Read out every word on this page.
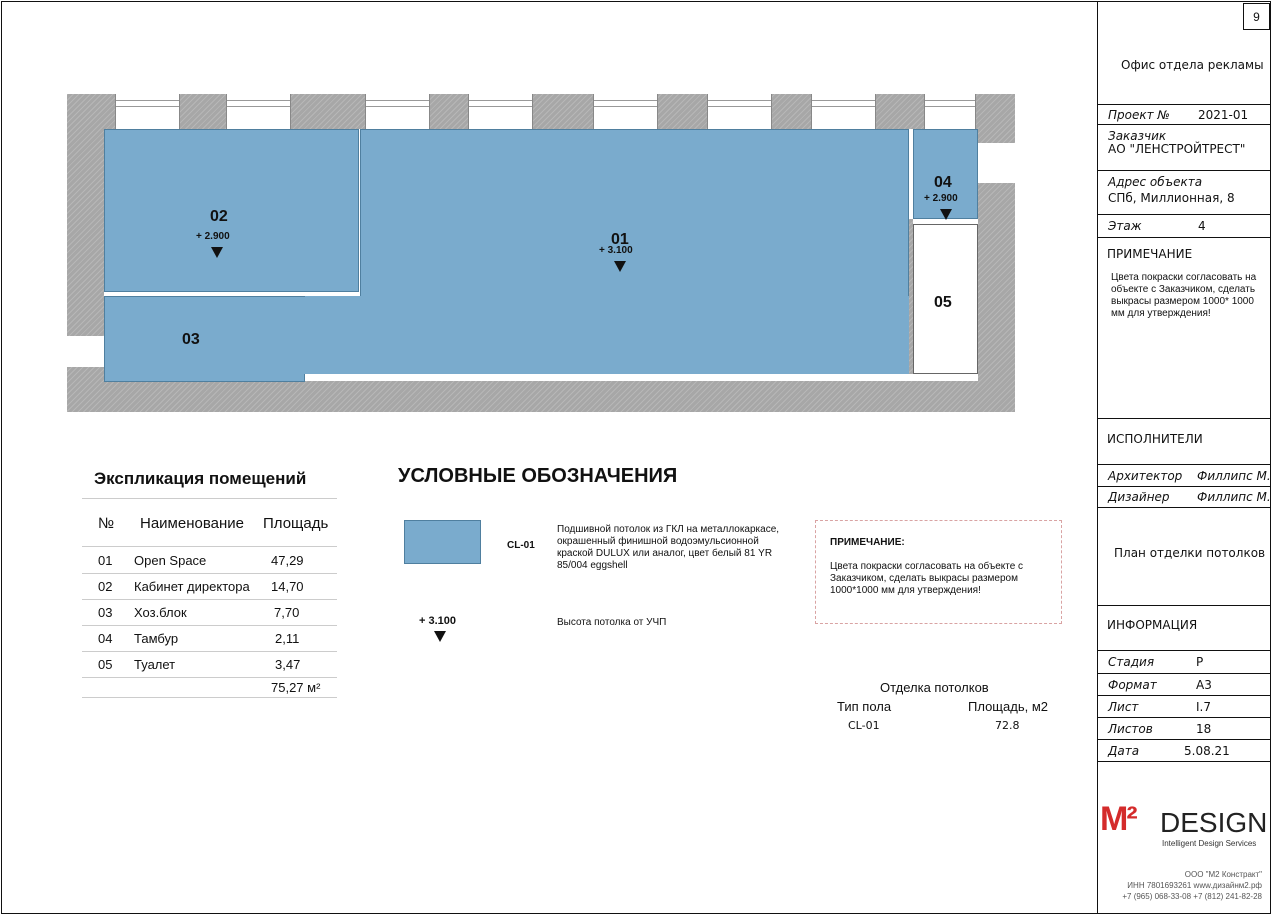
02
+ 2.900	01
+ 3.100
03
04
+ 2.900
05
Экспликация помещений
№ Наименование Площадь
01 Open Space	47,29
02 Кабинет директора 14,70
03 Хоз.блок	7,70
04 Тамбур	2,11
05 Туалет	3,47
75,27 м²
УСЛОВНЫЕ ОБОЗНАЧЕНИЯ
CL-01
Подшивной потолок из ГКЛ на металлокаркасе, окрашенный финишной водоэмульсионной краской DULUX или аналог, цвет белый 81 YR 85/004 eggshell
+ 3.100	Высота потолка от УЧП
ПРИМЕЧАНИЕ:
Цвета покраски согласовать на объекте с Заказчиком, сделать выкрасы размером 1000*1000 мм для утверждения!
Отделка потолков
Тип пола	Площадь, м2
CL-01	72.8
9
Офис отдела рекламы
Проект № 2021-01
Заказчик
АО "ЛЕНСТРОЙТРЕСТ"
Адрес объекта
СПб, Миллионная, 8
Этаж	4
ПРИМЕЧАНИЕ
Цвета покраски согласовать на объекте с Заказчиком, сделать выкрасы размером 1000* 1000 мм для утверждения!
ИСПОЛНИТЕЛИ
Архитектор Филлипс М.
Дизайнер Филлипс М.
План отделки потолков
ИНФОРМАЦИЯ
Стадия	Р
Формат	А3
Лист	I.7
Листов	18
Дата	5.08.21
M² DESIGN
Intelligent Design Services
ООО "М2 Констракт"
ИНН 7801693261 www.дизайнм2.рф
+7 (965) 068-33-08 +7 (812) 241-82-28
